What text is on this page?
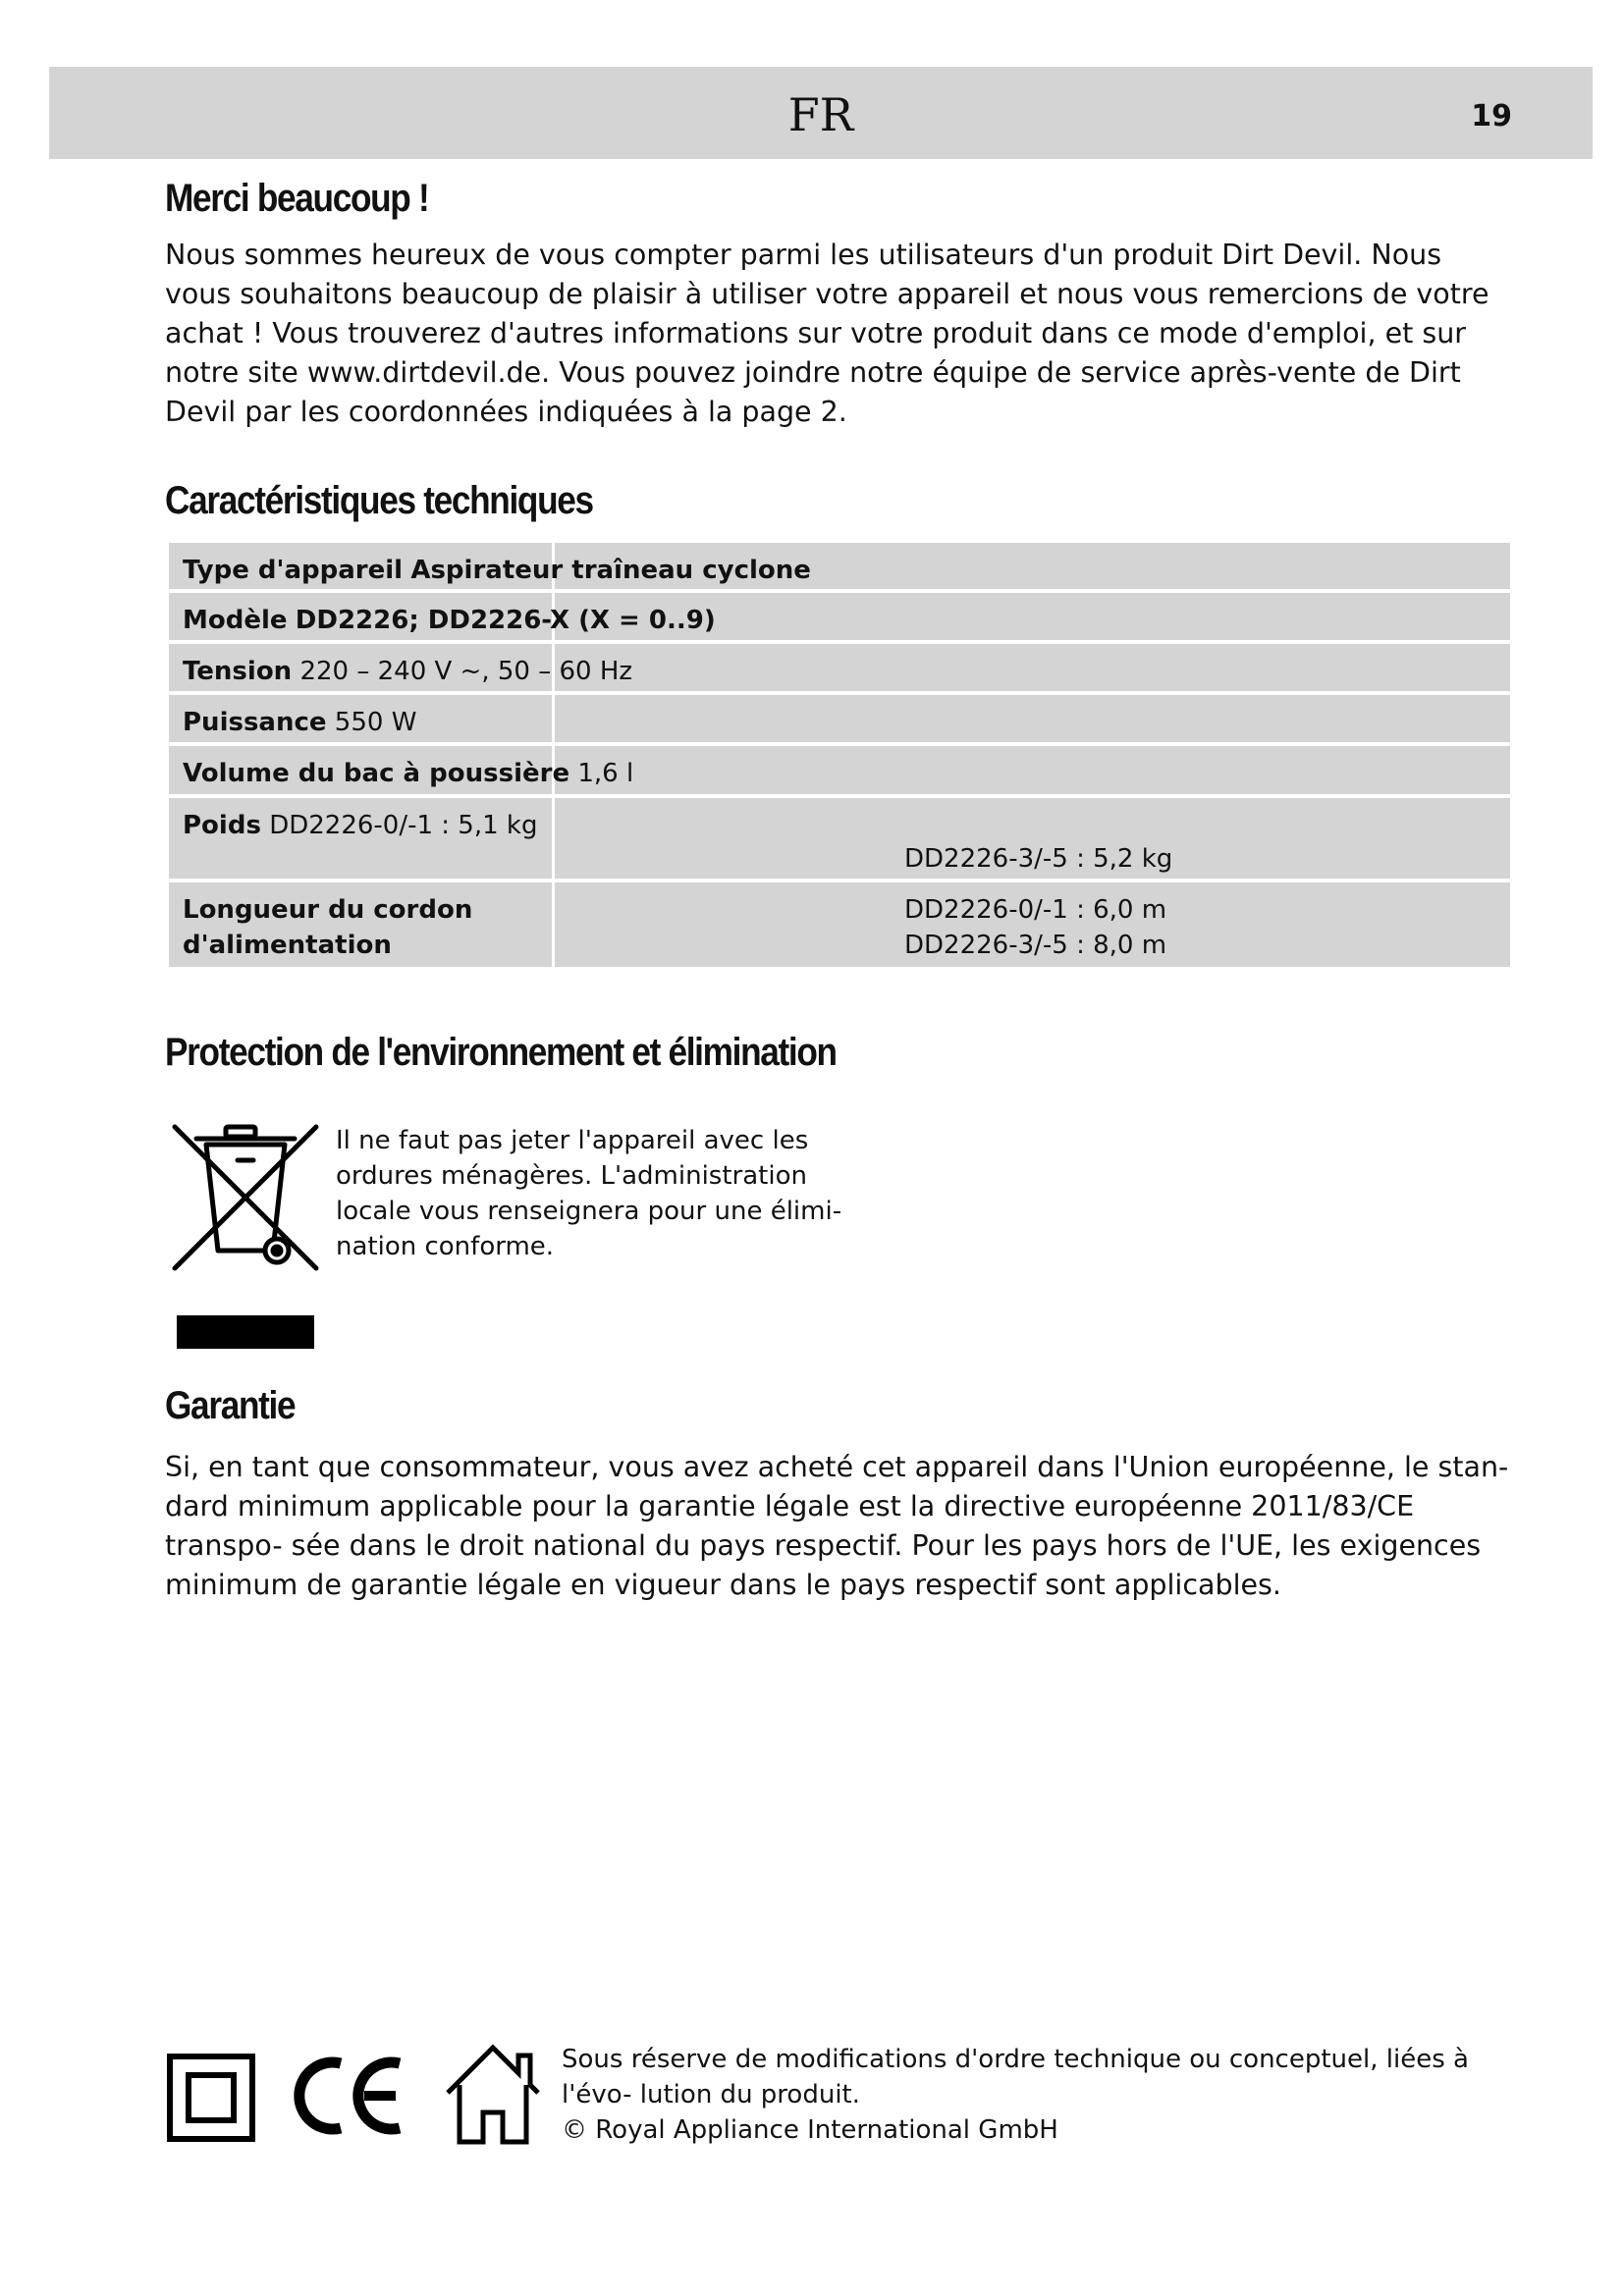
FR	19
Merci beaucoup !

Nous sommes heureux de vous compter parmi les utilisateurs d'un produit Dirt Devil. Nous vous souhaitons beaucoup de plaisir à utiliser votre appareil et nous vous remercions de votre achat ! Vous trouverez d'autres informations sur votre produit dans ce mode d'emploi, et sur notre site www.dirtdevil.de. Vous pouvez joindre notre équipe de service après-vente de Dirt Devil par les coordonnées indiquées à la page 2.

Caractéristiques techniques
Type d'appareil Aspirateur traîneau cyclone
Modèle DD2226; DD2226-X (X = 0..9)
Tension 220 – 240 V ~, 50 – 60 Hz
Puissance 550 W
Volume du bac à poussière 1,6 l
Poids DD2226-0/-1 : 5,1 kg
DD2226-3/-5 : 5,2 kg
Longueur du cordon
d'alimentation
DD2226-0/-1 : 6,0 m
DD2226-3/-5 : 8,0 m
Protection de l'environnement et élimination

Il ne faut pas jeter l'appareil avec les ordures ménagères. L'administration locale vous renseignera pour une élimi- nation conforme.

Garantie

Si, en tant que consommateur, vous avez acheté cet appareil dans l'Union européenne, le stan- dard minimum applicable pour la garantie légale est la directive européenne 2011/83/CE transpo- sée dans le droit national du pays respectif. Pour les pays hors de l'UE, les exigences minimum de garantie légale en vigueur dans le pays respectif sont applicables.

Sous réserve de modifications d'ordre technique ou conceptuel, liées à l'évo- lution du produit.
© Royal Appliance International GmbH
